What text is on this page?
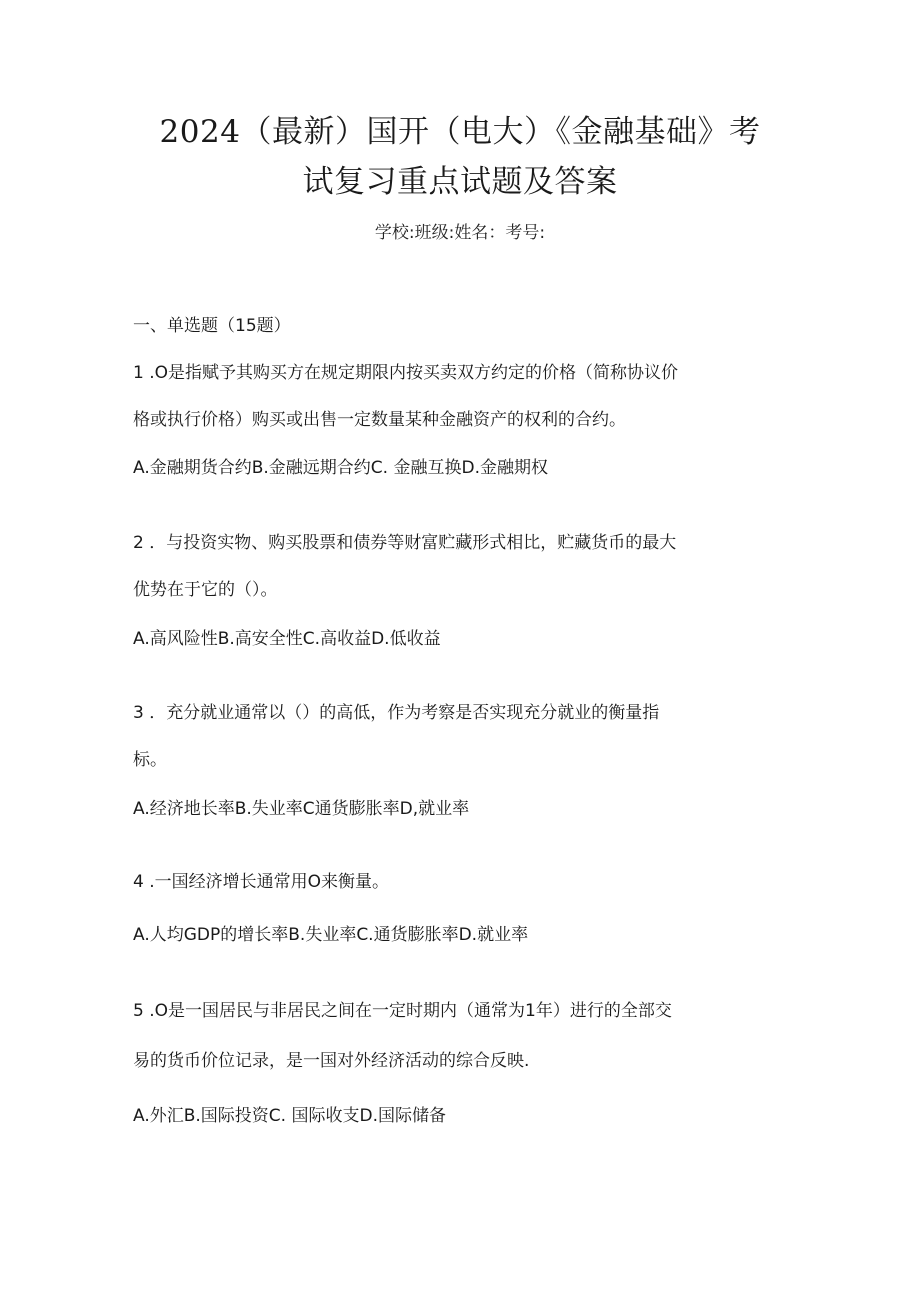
2024（最新）国开（电大）《金融基础》考
试复习重点试题及答案
学校:班级:姓名：考号:
一、单选题（15题）
1 .O是指赋予其购买方在规定期限内按买卖双方约定的价格（简称协议价
格或执行价格）购买或出售一定数量某种金融资产的权利的合约。
A.金融期货合约B.金融远期合约C. 金融互换D.金融期权
2 ．与投资实物、购买股票和债券等财富贮藏形式相比，贮藏货币的最大
优势在于它的（）。
A.高风险性B.高安全性C.高收益D.低收益
3 ．充分就业通常以（）的高低，作为考察是否实现充分就业的衡量指
标。
A.经济地长率B.失业率C通货膨胀率D,就业率
4 .一国经济增长通常用O来衡量。
A.人均GDP的增长率B.失业率C.通货膨胀率D.就业率
5 .O是一国居民与非居民之间在一定时期内（通常为1年）进行的全部交
易的货币价位记录，是一国对外经济活动的综合反映.
A.外汇B.国际投资C. 国际收支D.国际储备
